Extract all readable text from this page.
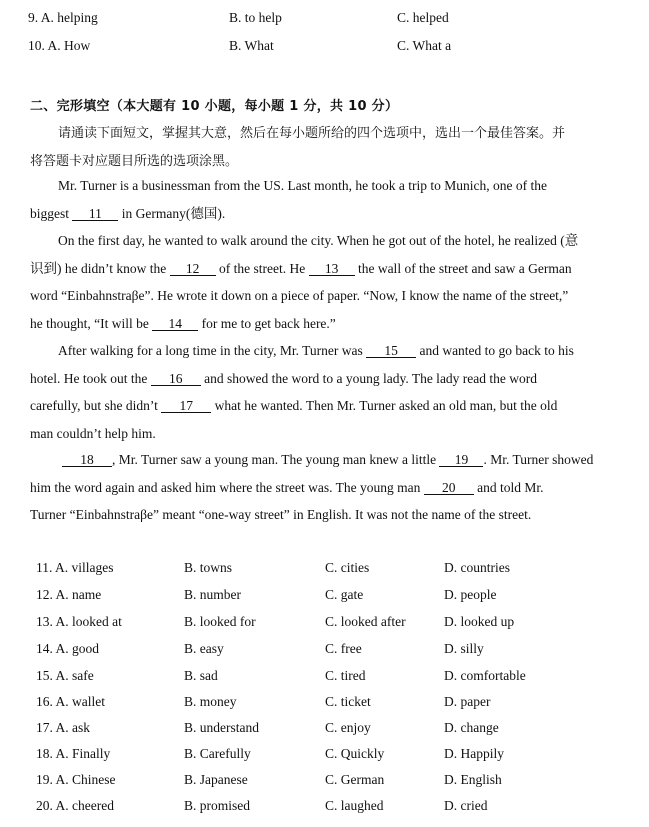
9. A. helping	B. to help	C. helped
10. A. How	B. What	C. What a
二、完形填空（本大题有 10 小题，每小题 1 分，共 10 分）
请通读下面短文，掌握其大意，然后在每小题所给的四个选项中，选出一个最佳答案。并
将答题卡对应题目所选的选项涂黑。
Mr. Turner is a businessman from the US. Last month, he took a trip to Munich, one of the
biggest 11 in Germany(德国).
On the first day, he wanted to walk around the city. When he got out of the hotel, he realized (意
识到) he didn’t know the 12 of the street. He 13 the wall of the street and saw a German
word “Einbahnstraβe”. He wrote it down on a piece of paper. “Now, I know the name of the street,”
he thought, “It will be 14 for me to get back here.”
After walking for a long time in the city, Mr. Turner was 15 and wanted to go back to his
hotel. He took out the 16 and showed the word to a young lady. The lady read the word
carefully, but she didn’t 17 what he wanted. Then Mr. Turner asked an old man, but the old
man couldn’t help him.
18 , Mr. Turner saw a young man. The young man knew a little 19 . Mr. Turner showed
him the word again and asked him where the street was. The young man 20 and told Mr.
Turner “Einbahnstraβe” meant “one-way street” in English. It was not the name of the street.
11. A. villages	B. towns	C. cities	D. countries
12. A. name	B. number	C. gate	D. people
13. A. looked at	B. looked for	C. looked after	D. looked up
14. A. good	B. easy	C. free	D. silly
15. A. safe	B. sad	C. tired	D. comfortable
16. A. wallet	B. money	C. ticket	D. paper
17. A. ask	B. understand	C. enjoy	D. change
18. A. Finally	B. Carefully	C. Quickly	D. Happily
19. A. Chinese	B. Japanese	C. German	D. English
20. A. cheered	B. promised	C. laughed	D. cried
